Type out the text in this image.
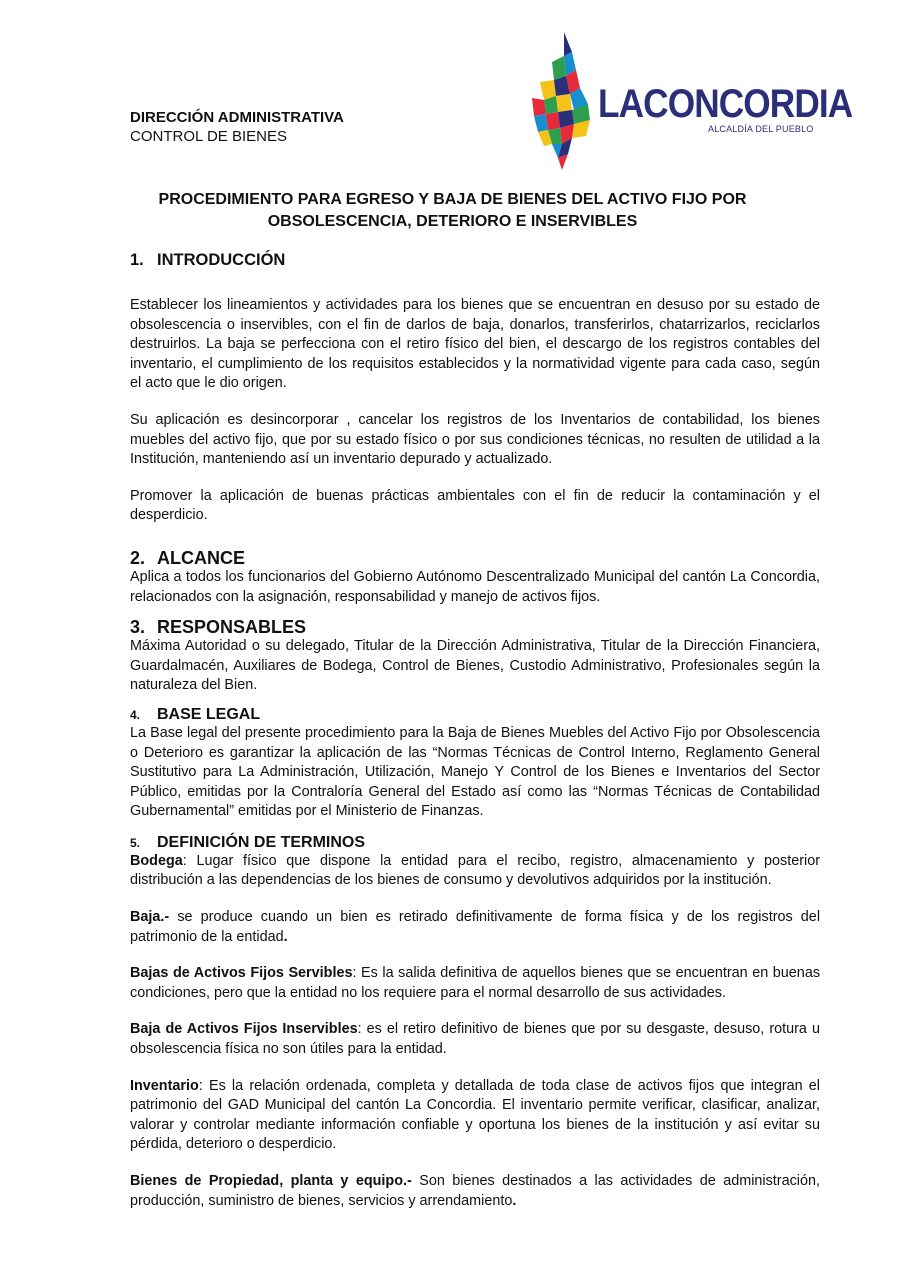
DIRECCIÓN ADMINISTRATIVA
CONTROL DE BIENES
LACONCORDIA
ALCALDÍA DEL PUEBLO
PROCEDIMIENTO PARA EGRESO Y BAJA DE BIENES DEL ACTIVO FIJO POR
OBSOLESCENCIA, DETERIORO E INSERVIBLES
1. INTRODUCCIÓN

Establecer los lineamientos y actividades para los bienes que se encuentran en desuso por su estado de obsolescencia o inservibles, con el fin de darlos de baja, donarlos, transferirlos, chatarrizarlos, reciclarlos destruirlos. La baja se perfecciona con el retiro físico del bien, el descargo de los registros contables del inventario, el cumplimiento de los requisitos establecidos y la normatividad vigente para cada caso, según el acto que le dio origen.

Su aplicación es desincorporar , cancelar los registros de los Inventarios de contabilidad, los bienes muebles del activo fijo, que por su estado físico o por sus condiciones técnicas, no resulten de utilidad a la Institución, manteniendo así un inventario depurado y actualizado.

Promover la aplicación de buenas prácticas ambientales con el fin de reducir la contaminación y el desperdicio.

2. ALCANCE

Aplica a todos los funcionarios del Gobierno Autónomo Descentralizado Municipal del cantón La Concordia, relacionados con la asignación, responsabilidad y manejo de activos fijos.

3. RESPONSABLES

Máxima Autoridad o su delegado, Titular de la Dirección Administrativa, Titular de la Dirección Financiera, Guardalmacén, Auxiliares de Bodega, Control de Bienes, Custodio Administrativo, Profesionales según la naturaleza del Bien.

4. BASE LEGAL

La Base legal del presente procedimiento para la Baja de Bienes Muebles del Activo Fijo por Obsolescencia o Deterioro es garantizar la aplicación de las “Normas Técnicas de Control Interno, Reglamento General Sustitutivo para La Administración, Utilización, Manejo Y Control de los Bienes e Inventarios del Sector Público, emitidas por la Contraloría General del Estado así como las “Normas Técnicas de Contabilidad Gubernamental” emitidas por el Ministerio de Finanzas.

5. DEFINICIÓN DE TERMINOS

Bodega: Lugar físico que dispone la entidad para el recibo, registro, almacenamiento y posterior distribución a las dependencias de los bienes de consumo y devolutivos adquiridos por la institución.

Baja.- se produce cuando un bien es retirado definitivamente de forma física y de los registros del patrimonio de la entidad.

Bajas de Activos Fijos Servibles: Es la salida definitiva de aquellos bienes que se encuentran en buenas condiciones, pero que la entidad no los requiere para el normal desarrollo de sus actividades.

Baja de Activos Fijos Inservibles: es el retiro definitivo de bienes que por su desgaste, desuso, rotura u obsolescencia física no son útiles para la entidad.

Inventario: Es la relación ordenada, completa y detallada de toda clase de activos fijos que integran el patrimonio del GAD Municipal del cantón La Concordia. El inventario permite verificar, clasificar, analizar, valorar y controlar mediante información confiable y oportuna los bienes de la institución y así evitar su pérdida, deterioro o desperdicio.

Bienes de Propiedad, planta y equipo.- Son bienes destinados a las actividades de administración, producción, suministro de bienes, servicios y arrendamiento.
